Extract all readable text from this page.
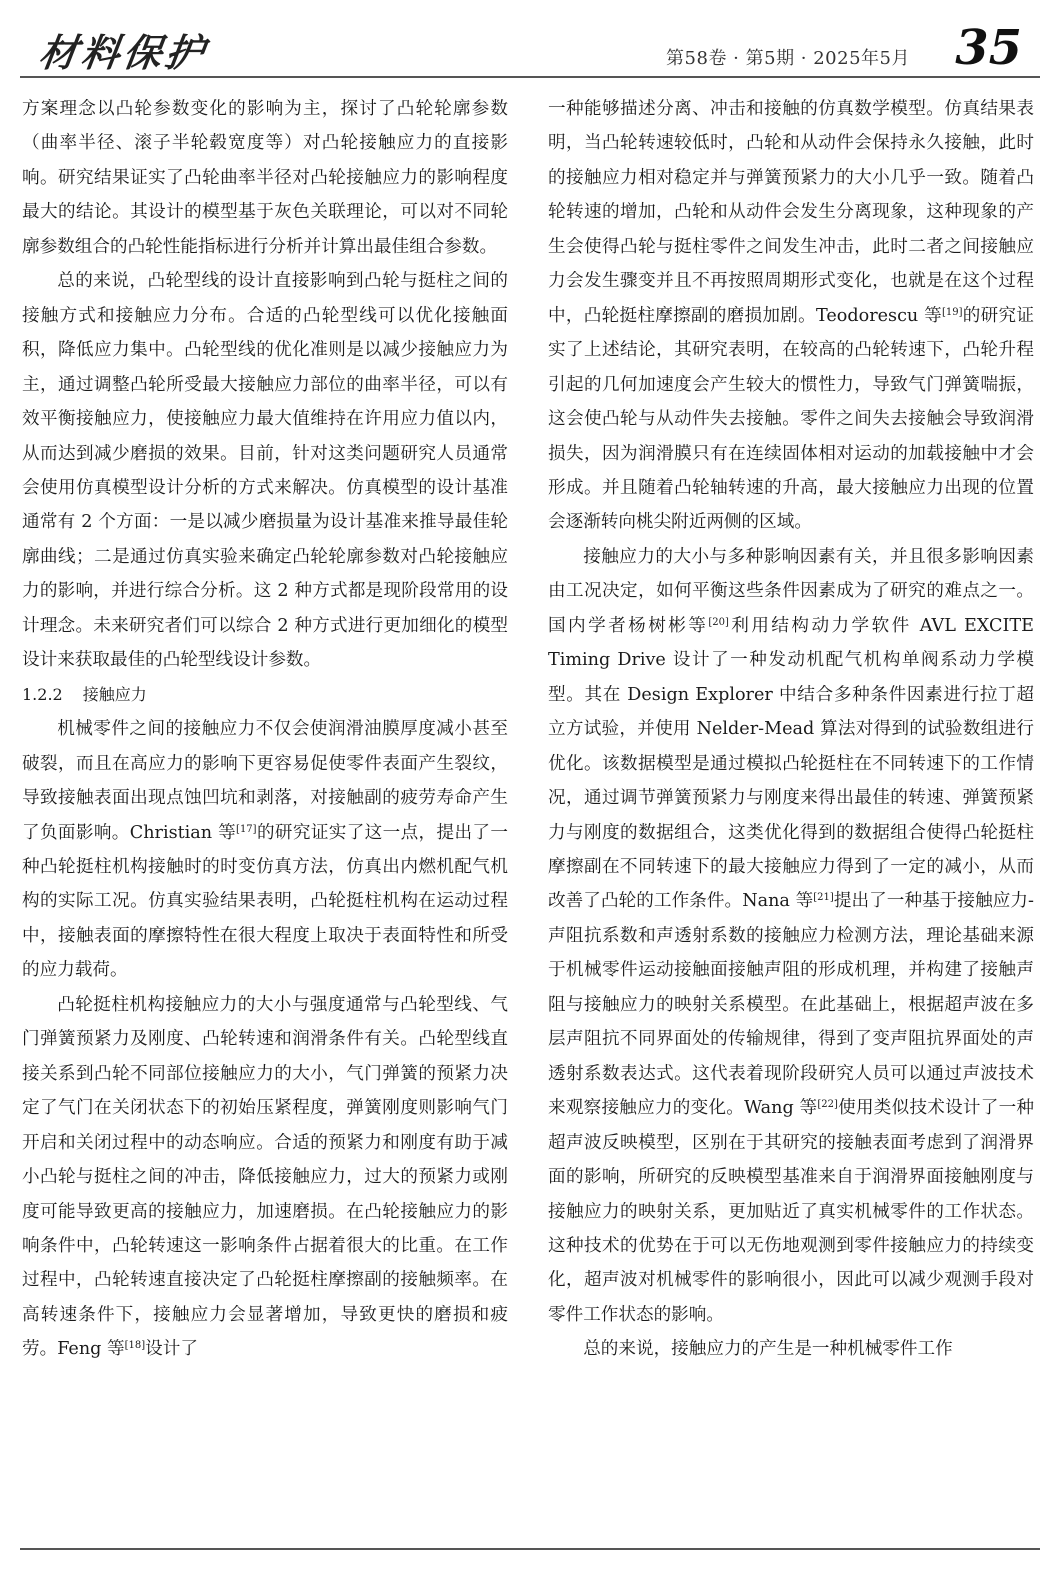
材料保护	第58卷 · 第5期 · 2025年5月 35

方案理念以凸轮参数变化的影响为主，探讨了凸轮轮廓参数（曲率半径、滚子半轮毂宽度等）对凸轮接触应力的直接影响。研究结果证实了凸轮曲率半径对凸轮接触应力的影响程度最大的结论。其设计的模型基于灰色关联理论，可以对不同轮廓参数组合的凸轮性能指标进行分析并计算出最佳组合参数。

总的来说，凸轮型线的设计直接影响到凸轮与挺柱之间的接触方式和接触应力分布。合适的凸轮型线可以优化接触面积，降低应力集中。凸轮型线的优化准则是以减少接触应力为主，通过调整凸轮所受最大接触应力部位的曲率半径，可以有效平衡接触应力，使接触应力最大值维持在许用应力值以内，从而达到减少磨损的效果。目前，针对这类问题研究人员通常会使用仿真模型设计分析的方式来解决。仿真模型的设计基准通常有 2 个方面：一是以减少磨损量为设计基准来推导最佳轮廓曲线；二是通过仿真实验来确定凸轮轮廓参数对凸轮接触应力的影响，并进行综合分析。这 2 种方式都是现阶段常用的设计理念。未来研究者们可以综合 2 种方式进行更加细化的模型设计来获取最佳的凸轮型线设计参数。

1.2.2 接触应力

机械零件之间的接触应力不仅会使润滑油膜厚度减小甚至破裂，而且在高应力的影响下更容易促使零件表面产生裂纹，导致接触表面出现点蚀凹坑和剥落，对接触副的疲劳寿命产生了负面影响。Christian 等[17]的研究证实了这一点，提出了一种凸轮挺柱机构接触时的时变仿真方法，仿真出内燃机配气机构的实际工况。仿真实验结果表明，凸轮挺柱机构在运动过程中，接触表面的摩擦特性在很大程度上取决于表面特性和所受的应力载荷。

凸轮挺柱机构接触应力的大小与强度通常与凸轮型线、气门弹簧预紧力及刚度、凸轮转速和润滑条件有关。凸轮型线直接关系到凸轮不同部位接触应力的大小，气门弹簧的预紧力决定了气门在关闭状态下的初始压紧程度，弹簧刚度则影响气门开启和关闭过程中的动态响应。合适的预紧力和刚度有助于减小凸轮与挺柱之间的冲击，降低接触应力，过大的预紧力或刚度可能导致更高的接触应力，加速磨损。在凸轮接触应力的影响条件中，凸轮转速这一影响条件占据着很大的比重。在工作过程中，凸轮转速直接决定了凸轮挺柱摩擦副的接触频率。在高转速条件下，接触应力会显著增加，导致更快的磨损和疲劳。Feng 等[18]设计了

一种能够描述分离、冲击和接触的仿真数学模型。仿真结果表明，当凸轮转速较低时，凸轮和从动件会保持永久接触，此时的接触应力相对稳定并与弹簧预紧力的大小几乎一致。随着凸轮转速的增加，凸轮和从动件会发生分离现象，这种现象的产生会使得凸轮与挺柱零件之间发生冲击，此时二者之间接触应力会发生骤变并且不再按照周期形式变化，也就是在这个过程中，凸轮挺柱摩擦副的磨损加剧。Teodorescu 等[19]的研究证实了上述结论，其研究表明，在较高的凸轮转速下，凸轮升程引起的几何加速度会产生较大的惯性力，导致气门弹簧喘振，这会使凸轮与从动件失去接触。零件之间失去接触会导致润滑损失，因为润滑膜只有在连续固体相对运动的加载接触中才会形成。并且随着凸轮轴转速的升高，最大接触应力出现的位置会逐渐转向桃尖附近两侧的区域。

接触应力的大小与多种影响因素有关，并且很多影响因素由工况决定，如何平衡这些条件因素成为了研究的难点之一。国内学者杨树彬等[20]利用结构动力学软件 AVL EXCITE Timing Drive 设计了一种发动机配气机构单阀系动力学模型。其在 Design Explorer 中结合多种条件因素进行拉丁超立方试验，并使用 Nelder-Mead 算法对得到的试验数组进行优化。该数据模型是通过模拟凸轮挺柱在不同转速下的工作情况，通过调节弹簧预紧力与刚度来得出最佳的转速、弹簧预紧力与刚度的数据组合，这类优化得到的数据组合使得凸轮挺柱摩擦副在不同转速下的最大接触应力得到了一定的减小，从而改善了凸轮的工作条件。Nana 等[21]提出了一种基于接触应力-声阻抗系数和声透射系数的接触应力检测方法，理论基础来源于机械零件运动接触面接触声阻的形成机理，并构建了接触声阻与接触应力的映射关系模型。在此基础上，根据超声波在多层声阻抗不同界面处的传输规律，得到了变声阻抗界面处的声透射系数表达式。这代表着现阶段研究人员可以通过声波技术来观察接触应力的变化。Wang 等[22]使用类似技术设计了一种超声波反映模型，区别在于其研究的接触表面考虑到了润滑界面的影响，所研究的反映模型基准来自于润滑界面接触刚度与接触应力的映射关系，更加贴近了真实机械零件的工作状态。这种技术的优势在于可以无伤地观测到零件接触应力的持续变化，超声波对机械零件的影响很小，因此可以减少观测手段对零件工作状态的影响。

总的来说，接触应力的产生是一种机械零件工作
